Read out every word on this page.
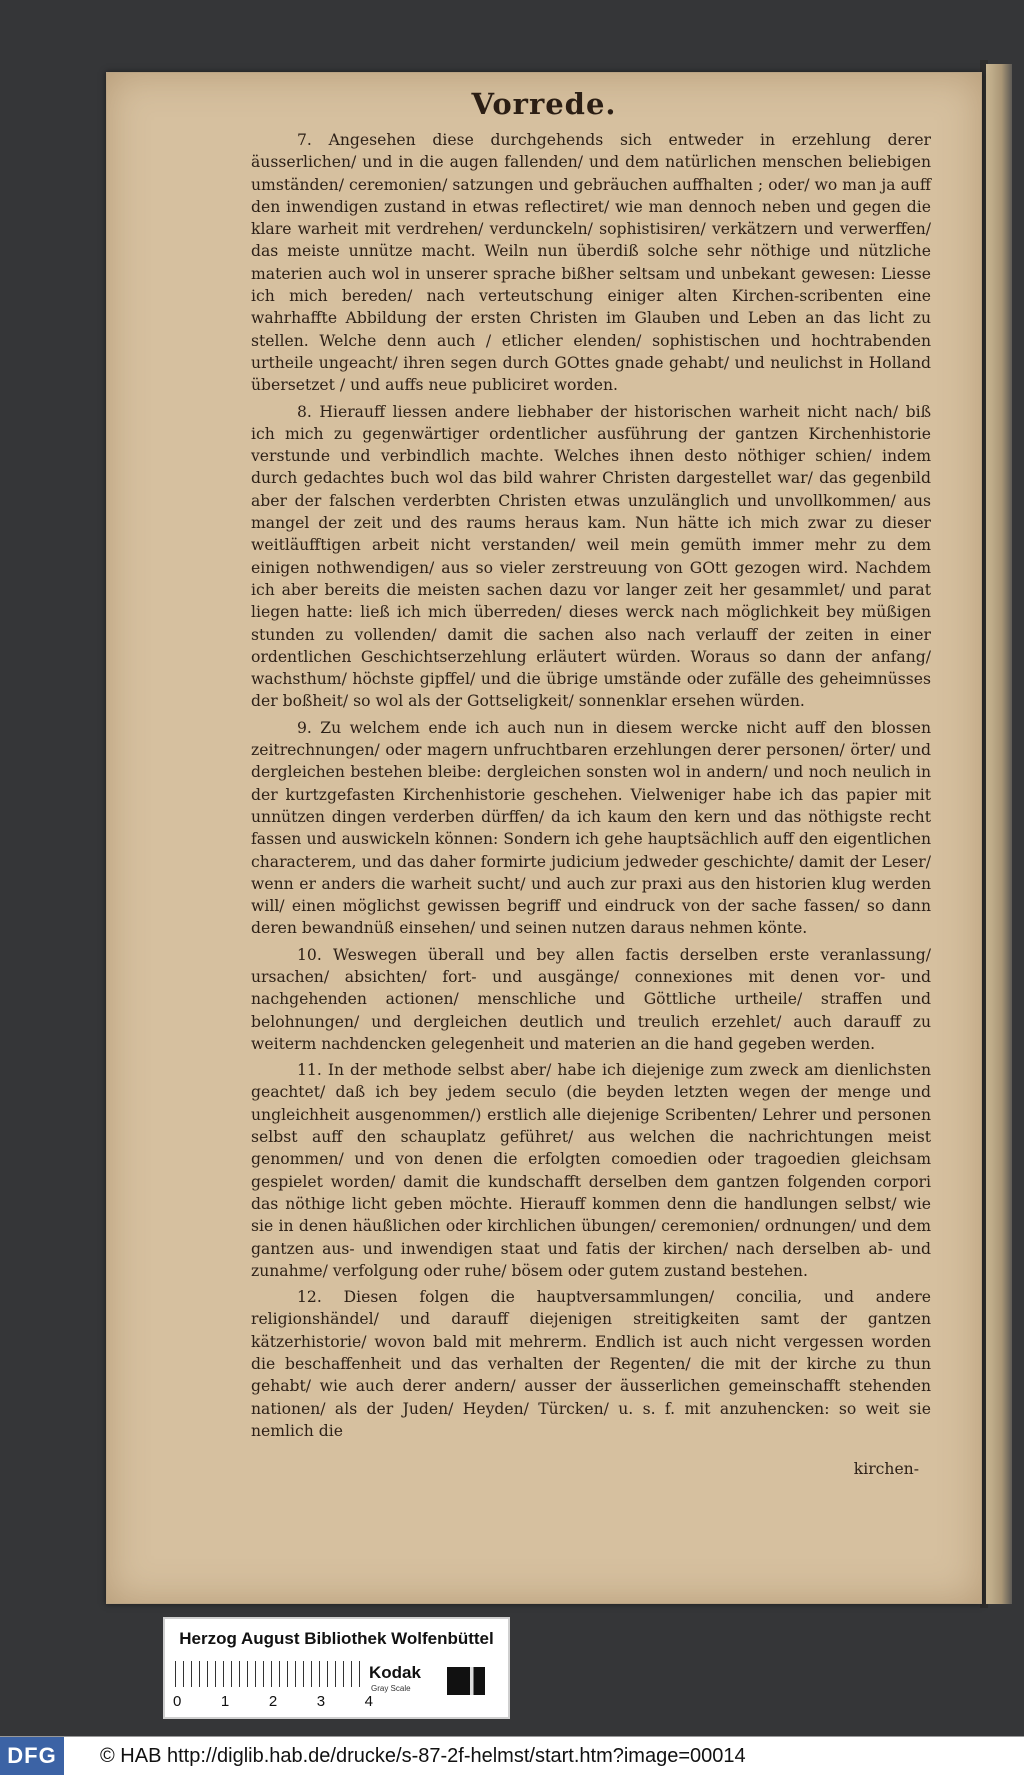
Vorrede.

7. Angesehen diese durchgehends sich entweder in erzehlung derer äusserlichen/ und in die augen fallenden/ und dem natürlichen menschen beliebigen umständen/ ceremonien/ satzungen und gebräuchen auffhalten ; oder/ wo man ja auff den inwendigen zustand in etwas reflectiret/ wie man dennoch neben und gegen die klare warheit mit verdrehen/ verdunckeln/ sophistisiren/ verkätzern und verwerffen/ das meiste unnütze macht. Weiln nun überdiß solche sehr nöthige und nützliche materien auch wol in unserer sprache bißher seltsam und unbekant gewesen: Liesse ich mich bereden/ nach verteutschung einiger alten Kirchen-scribenten eine wahrhaffte Abbildung der ersten Christen im Glauben und Leben an das licht zu stellen. Welche denn auch / etlicher elenden/ sophistischen und hochtrabenden urtheile ungeacht/ ihren segen durch GOttes gnade gehabt/ und neulichst in Holland übersetzet / und auffs neue publiciret worden.

8. Hierauff liessen andere liebhaber der historischen warheit nicht nach/ biß ich mich zu gegenwärtiger ordentlicher ausführung der gantzen Kirchenhistorie verstunde und verbindlich machte. Welches ihnen desto nöthiger schien/ indem durch gedachtes buch wol das bild wahrer Christen dargestellet war/ das gegenbild aber der falschen verderbten Christen etwas unzulänglich und unvollkommen/ aus mangel der zeit und des raums heraus kam. Nun hätte ich mich zwar zu dieser weitläufftigen arbeit nicht verstanden/ weil mein gemüth immer mehr zu dem einigen nothwendigen/ aus so vieler zerstreuung von GOtt gezogen wird. Nachdem ich aber bereits die meisten sachen dazu vor langer zeit her gesammlet/ und parat liegen hatte: ließ ich mich überreden/ dieses werck nach möglichkeit bey müßigen stunden zu vollenden/ damit die sachen also nach verlauff der zeiten in einer ordentlichen Geschichtserzehlung erläutert würden. Woraus so dann der anfang/ wachsthum/ höchste gipffel/ und die übrige umstände oder zufälle des geheimnüsses der boßheit/ so wol als der Gottseligkeit/ sonnenklar ersehen würden.

9. Zu welchem ende ich auch nun in diesem wercke nicht auff den blossen zeitrechnungen/ oder magern unfruchtbaren erzehlungen derer personen/ örter/ und dergleichen bestehen bleibe: dergleichen sonsten wol in andern/ und noch neulich in der kurtzgefasten Kirchenhistorie geschehen. Vielweniger habe ich das papier mit unnützen dingen verderben dürffen/ da ich kaum den kern und das nöthigste recht fassen und auswickeln können: Sondern ich gehe hauptsächlich auff den eigentlichen characterem, und das daher formirte judicium jedweder geschichte/ damit der Leser/ wenn er anders die warheit sucht/ und auch zur praxi aus den historien klug werden will/ einen möglichst gewissen begriff und eindruck von der sache fassen/ so dann deren bewandnüß einsehen/ und seinen nutzen daraus nehmen könte.

10. Weswegen überall und bey allen factis derselben erste veranlassung/ ursachen/ absichten/ fort- und ausgänge/ connexiones mit denen vor- und nachgehenden actionen/ menschliche und Göttliche urtheile/ straffen und belohnungen/ und dergleichen deutlich und treulich erzehlet/ auch darauff zu weiterm nachdencken gelegenheit und materien an die hand gegeben werden.

11. In der methode selbst aber/ habe ich diejenige zum zweck am dienlichsten geachtet/ daß ich bey jedem seculo (die beyden letzten wegen der menge und ungleichheit ausgenommen/) erstlich alle diejenige Scribenten/ Lehrer und personen selbst auff den schauplatz geführet/ aus welchen die nachrichtungen meist genommen/ und von denen die erfolgten comoedien oder tragoedien gleichsam gespielet worden/ damit die kundschafft derselben dem gantzen folgenden corpori das nöthige licht geben möchte. Hierauff kommen denn die handlungen selbst/ wie sie in denen häußlichen oder kirchlichen übungen/ ceremonien/ ordnungen/ und dem gantzen aus- und inwendigen staat und fatis der kirchen/ nach derselben ab- und zunahme/ verfolgung oder ruhe/ bösem oder gutem zustand bestehen.

12. Diesen folgen die hauptversammlungen/ concilia, und andere religionshändel/ und darauff diejenigen streitigkeiten samt der gantzen kätzerhistorie/ wovon bald mit mehrerm. Endlich ist auch nicht vergessen worden die beschaffenheit und das verhalten der Regenten/ die mit der kirche zu thun gehabt/ wie auch derer andern/ ausser der äusserlichen gemeinschafft stehenden nationen/ als der Juden/ Heyden/ Türcken/ u. s. f. mit anzuhencken: so weit sie nemlich die

kirchen-
Herzog August Bibliothek Wolfenbüttel
0	1	2	3	4
Kodak
Gray Scale
DFG	© HAB http://diglib.hab.de/drucke/s-87-2f-helmst/start.htm?image=00014
